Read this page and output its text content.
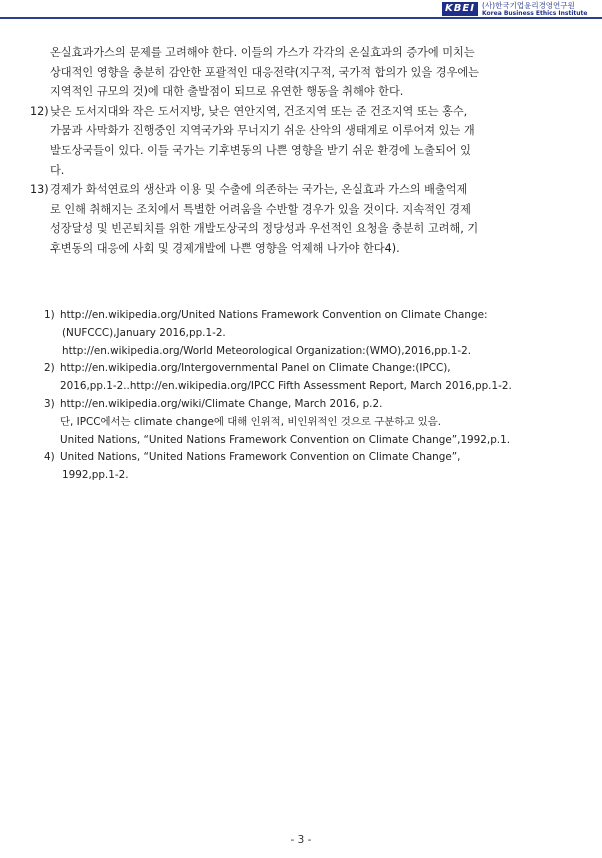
KBEI (사)한국기업윤리경영연구원
Korea Business Ethics Institute
온실효과가스의 문제를 고려해야 한다. 이들의 가스가 각각의 온실효과의 증가에 미치는
상대적인 영향을 충분히 감안한 포괄적인 대응전략(지구적, 국가적 합의가 있을 경우에는
지역적인 규모의 것)에 대한 출발점이 되므로 유연한 행동을 취해야 한다.
12) 낮은 도서지대와 작은 도서지방, 낮은 연안지역, 건조지역 또는 준 건조지역 또는 홍수,
가뭄과 사막화가 진행중인 지역국가와 무너지기 쉬운 산악의 생태계로 이루어져 있는 개
발도상국들이 있다. 이들 국가는 기후변동의 나쁜 영향을 받기 쉬운 환경에 노출되어 있
다.
13) 경제가 화석연료의 생산과 이용 및 수출에 의존하는 국가는, 온실효과 가스의 배출억제
로 인해 취해지는 조치에서 특별한 어려움을 수반할 경우가 있을 것이다. 지속적인 경제
성장달성 및 빈곤퇴치를 위한 개발도상국의 정당성과 우선적인 요청을 충분히 고려해, 기
후변동의 대응에 사회 및 경제개발에 나쁜 영향을 억제해 나가야 한다4).
1) http://en.wikipedia.org/United Nations Framework Convention on Climate Change:
(NUFCCC),January 2016,pp.1-2.
http://en.wikipedia.org/World Meteorological Organization:(WMO),2016,pp.1-2.
2) http://en.wikipedia.org/Intergovernmental Panel on Climate Change:(IPCC),
2016,pp.1-2..http://en.wikipedia.org/IPCC Fifth Assessment Report, March 2016,pp.1-2.
3) http://en.wikipedia.org/wiki/Climate Change, March 2016, p.2.
단, IPCC에서는 climate change에 대해 인위적, 비인위적인 것으로 구분하고 있음.
United Nations, “United Nations Framework Convention on Climate Change”,1992,p.1.
4) United Nations, “United Nations Framework Convention on Climate Change”,
1992,pp.1-2.
- 3 -
